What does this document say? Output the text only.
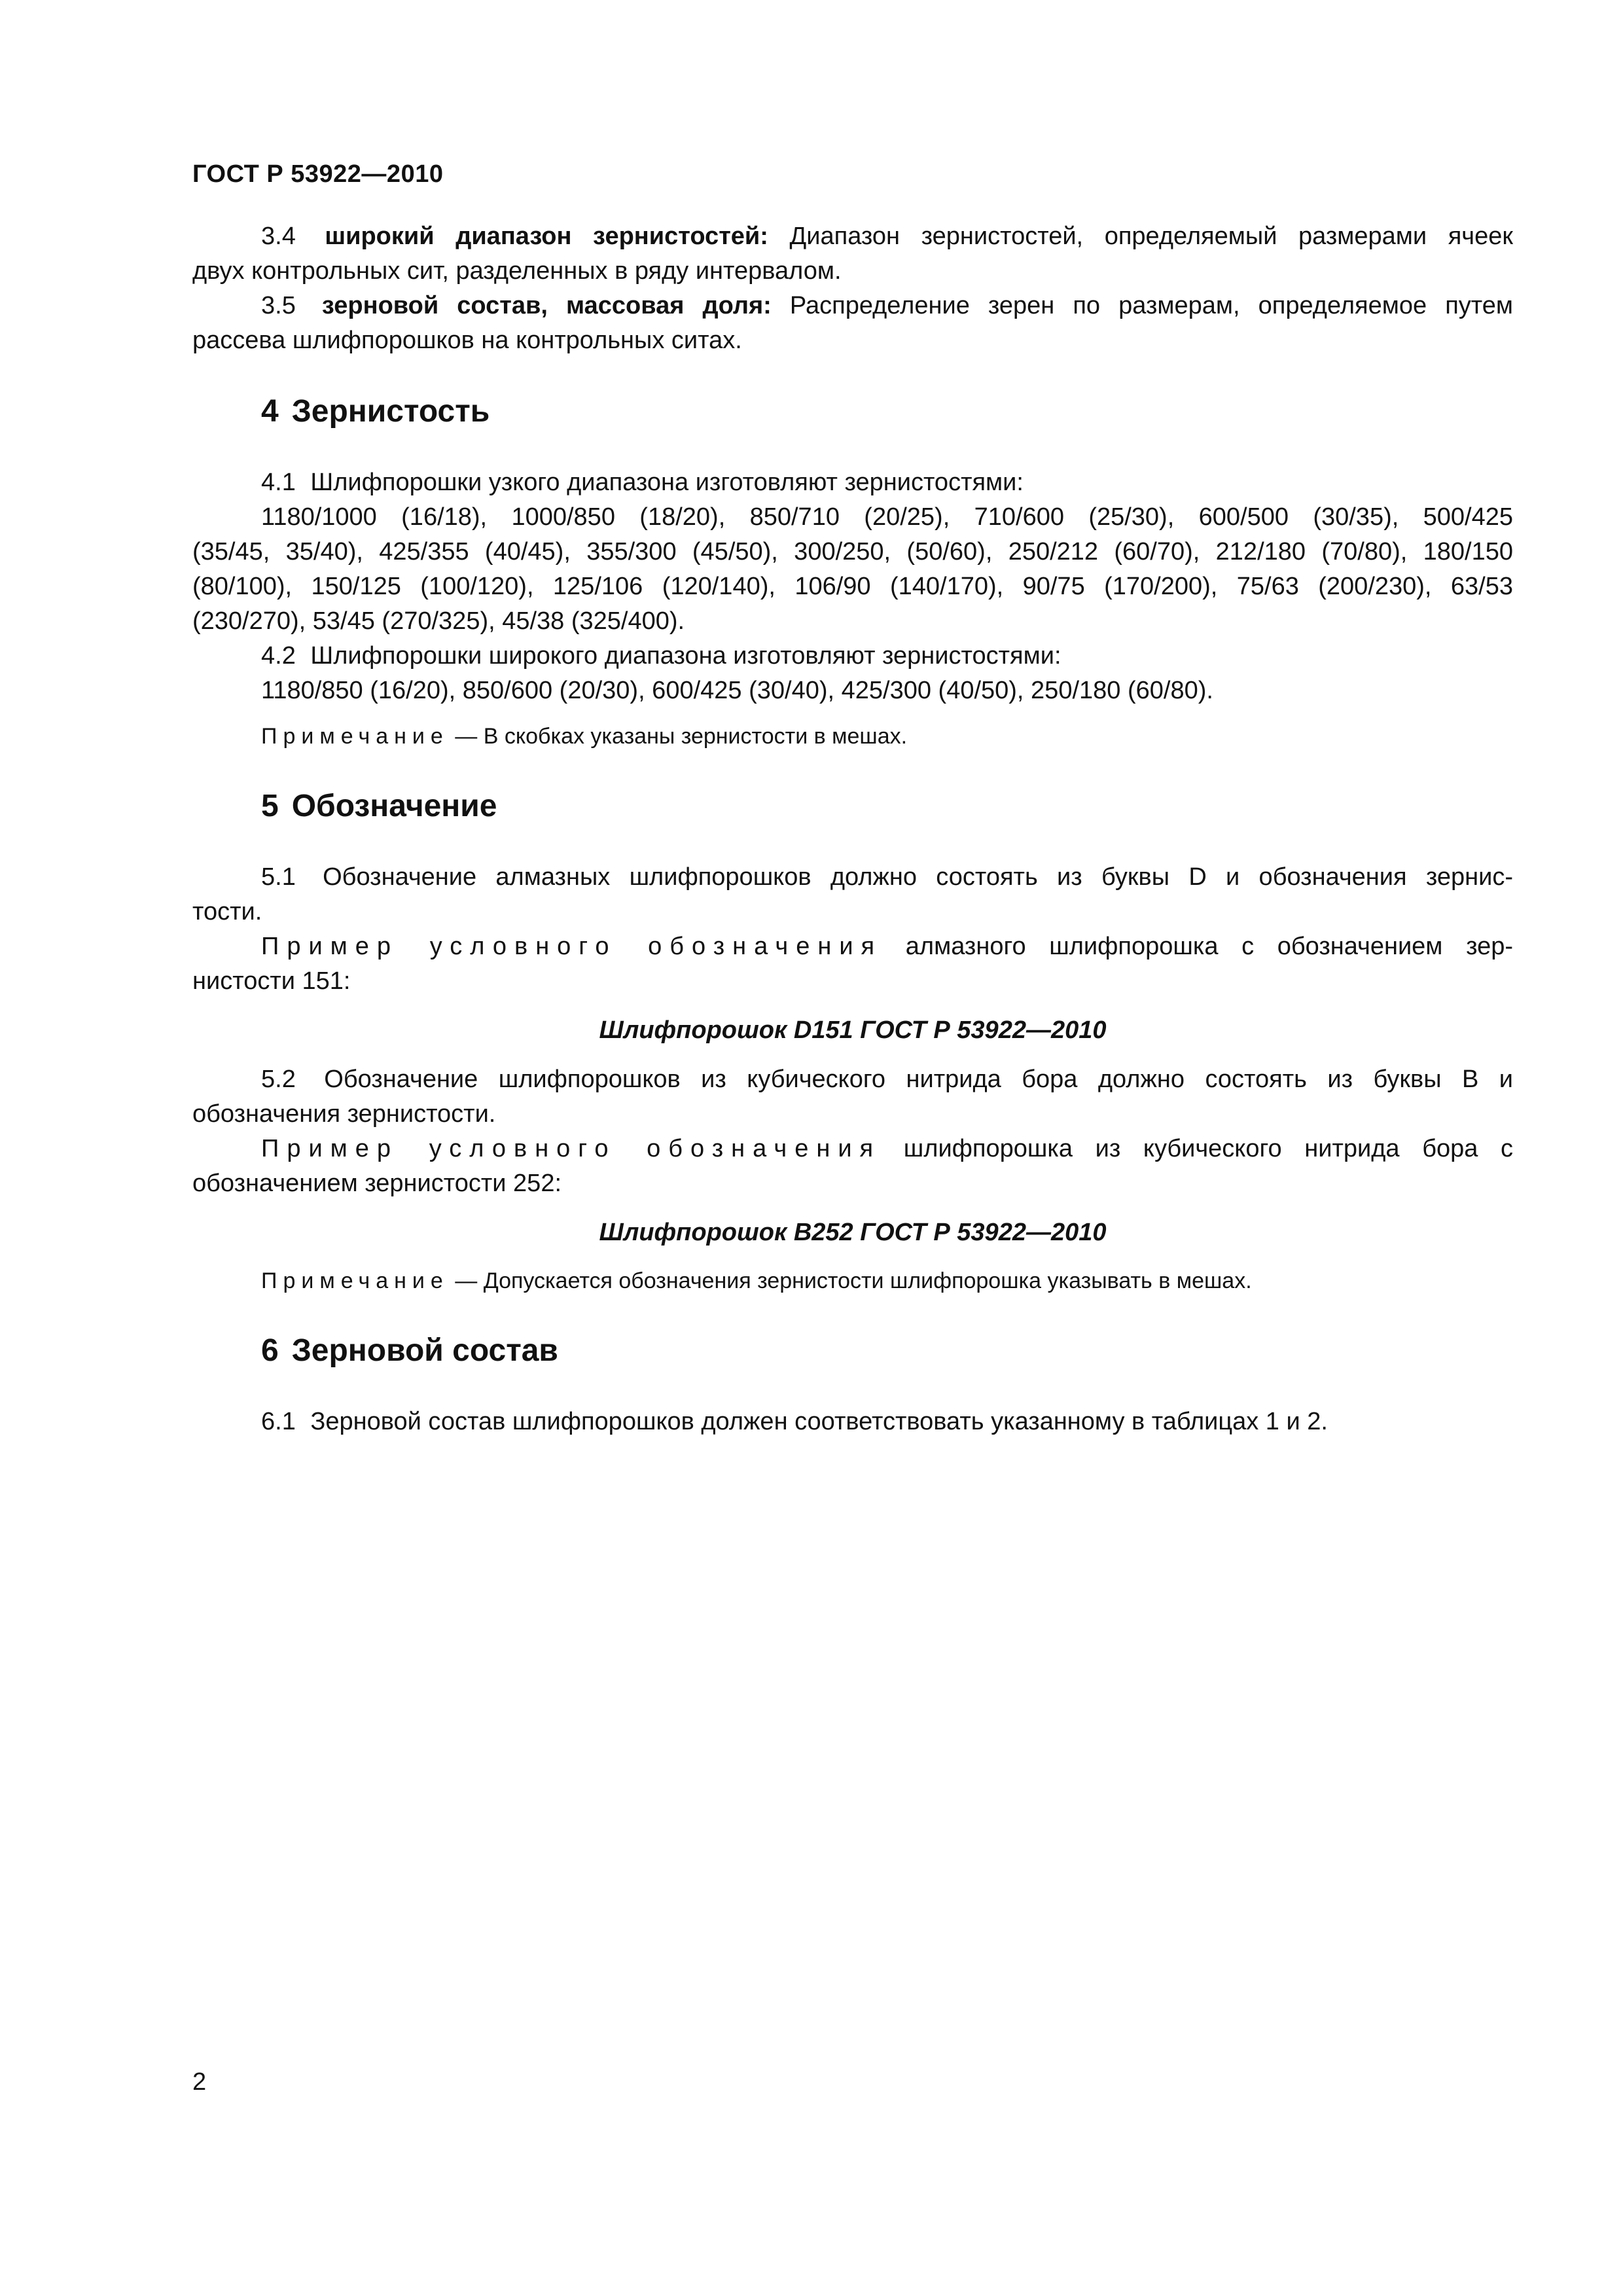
ГОСТ Р 53922—2010

3.4 широкий диапазон зернистостей: Диапазон зернистостей, определяемый размерами ячеек

двух контрольных сит, разделенных в ряду интервалом.

3.5 зерновой состав, массовая доля: Распределение зерен по размерам, определяемое путем

рассева шлифпорошков на контрольных ситах.

4 Зернистость

4.1 Шлифпорошки узкого диапазона изготовляют зернистостями:

1180/1000 (16/18), 1000/850 (18/20), 850/710 (20/25), 710/600 (25/30), 600/500 (30/35), 500/425

(35/45, 35/40), 425/355 (40/45), 355/300 (45/50), 300/250, (50/60), 250/212 (60/70), 212/180 (70/80), 180/150

(80/100), 150/125 (100/120), 125/106 (120/140), 106/90 (140/170), 90/75 (170/200), 75/63 (200/230), 63/53

(230/270), 53/45 (270/325), 45/38 (325/400).

4.2 Шлифпорошки широкого диапазона изготовляют зернистостями:

1180/850 (16/20), 850/600 (20/30), 600/425 (30/40), 425/300 (40/50), 250/180 (60/80).

Примечание — В скобках указаны зернистости в мешах.

5 Обозначение

5.1 Обозначение алмазных шлифпорошков должно состоять из буквы D и обозначения зернис-

тости.

Пример условного обозначения алмазного шлифпорошка с обозначением зер-

нистости 151:

Шлифпорошок D151 ГОСТ Р 53922—2010

5.2 Обозначение шлифпорошков из кубического нитрида бора должно состоять из буквы B и

обозначения зернистости.

Пример условного обозначения шлифпорошка из кубического нитрида бора с

обозначением зернистости 252:

Шлифпорошок B252 ГОСТ Р 53922—2010

Примечание — Допускается обозначения зернистости шлифпорошка указывать в мешах.

6 Зерновой состав

6.1 Зерновой состав шлифпорошков должен соответствовать указанному в таблицах 1 и 2.

2
